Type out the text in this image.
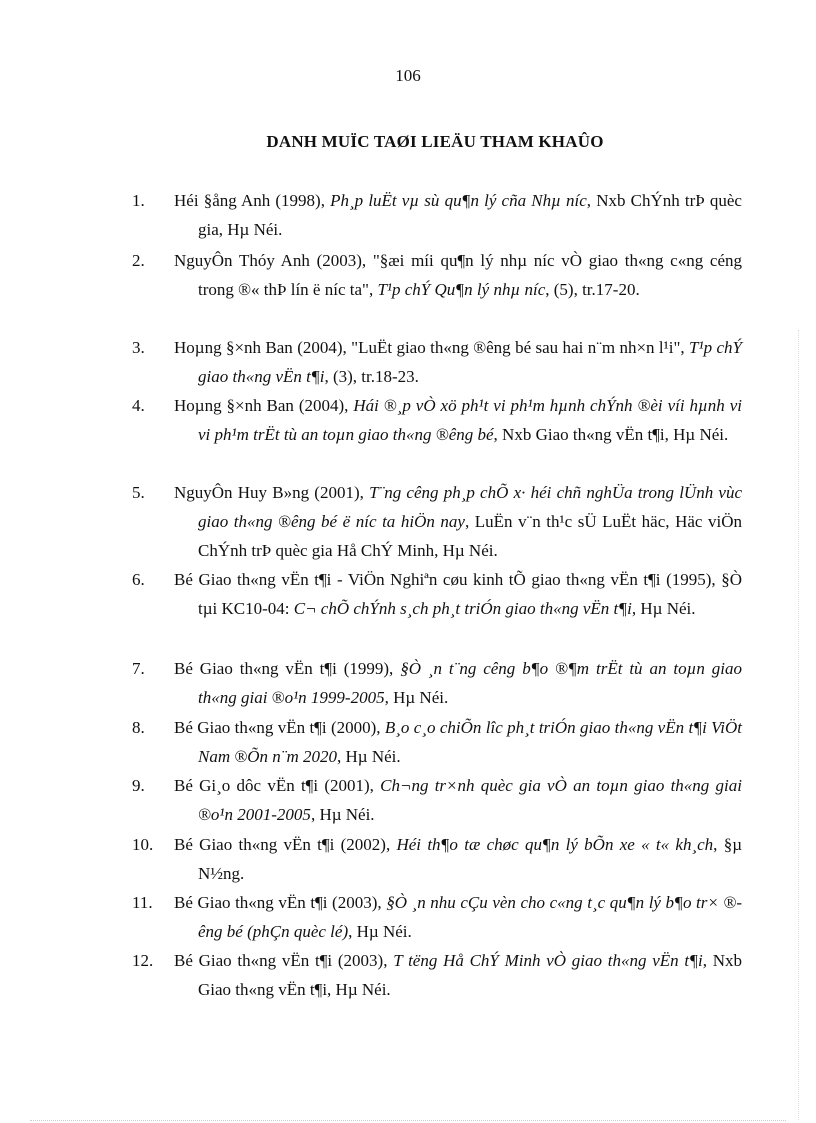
106
DANH MUÏC TAØI LIEÄU THAM KHAÛO
1.	Héi §ång Anh (1998), Ph¸p luËt vµ sù qu¶n lý cña Nhµ níc, Nxb ChÝnh trÞ quèc gia, Hµ Néi.
2.	NguyÔn Thóy Anh (2003), "§æi míi qu¶n lý nhµ níc vÒ giao th«ng c«ng céng trong ®« thÞ lín ë níc ta", T¹p chÝ Qu¶n lý nhµ níc, (5), tr.17-20.
3.	Hoµng §×nh Ban (2004), "LuËt giao th«ng ®êng bé sau hai n¨m nh×n l¹i", T¹p chÝ giao th«ng vËn t¶i, (3), tr.18-23.
4.	Hoµng §×nh Ban (2004), Hái ®¸p vÒ xö ph¹t vi ph¹m hµnh chÝnh ®èi víi hµnh vi vi ph¹m trËt tù an toµn giao th«ng ®êng bé, Nxb Giao th«ng vËn t¶i, Hµ Néi.
5.	NguyÔn Huy B»ng (2001), T¨ng cêng ph¸p chÕ x· héi chñ nghÜa trong lÜnh vùc giao th«ng ®êng bé ë níc ta hiÖn nay, LuËn v¨n th¹c sÜ LuËt häc, Häc viÖn ChÝnh trÞ quèc gia Hå ChÝ Minh, Hµ Néi.
6.	Bé Giao th«ng vËn t¶i - ViÖn Nghiªn cøu kinh tÕ giao th«ng vËn t¶i (1995), §Ò tµi KC10-04: C¬ chÕ chÝnh s¸ch ph¸t triÓn giao th«ng vËn t¶i, Hµ Néi.
7.	Bé Giao th«ng vËn t¶i (1999), §Ò ¸n t¨ng cêng b¶o ®¶m trËt tù an toµn giao th«ng giai ®o¹n 1999-2005, Hµ Néi.
8.	Bé Giao th«ng vËn t¶i (2000), B¸o c¸o chiÕn lîc ph¸t triÓn giao th«ng vËn t¶i ViÖt Nam ®Õn n¨m 2020, Hµ Néi.
9.	Bé Gi¸o dôc vËn t¶i (2001), Ch¬ng tr×nh quèc gia vÒ an toµn giao th«ng giai ®o¹n 2001-2005, Hµ Néi.
10.	Bé Giao th«ng vËn t¶i (2002), Héi th¶o tæ chøc qu¶n lý bÕn xe « t« kh¸ch, §µ N½ng.
11.	Bé Giao th«ng vËn t¶i (2003), §Ò ¸n nhu cÇu vèn cho c«ng t¸c qu¶n lý b¶o tr× ®êng bé (phÇn quèc lé), Hµ Néi.
12.	Bé Giao th«ng vËn t¶i (2003), T tëng Hå ChÝ Minh vÒ giao th«ng vËn t¶i, Nxb Giao th«ng vËn t¶i, Hµ Néi.
